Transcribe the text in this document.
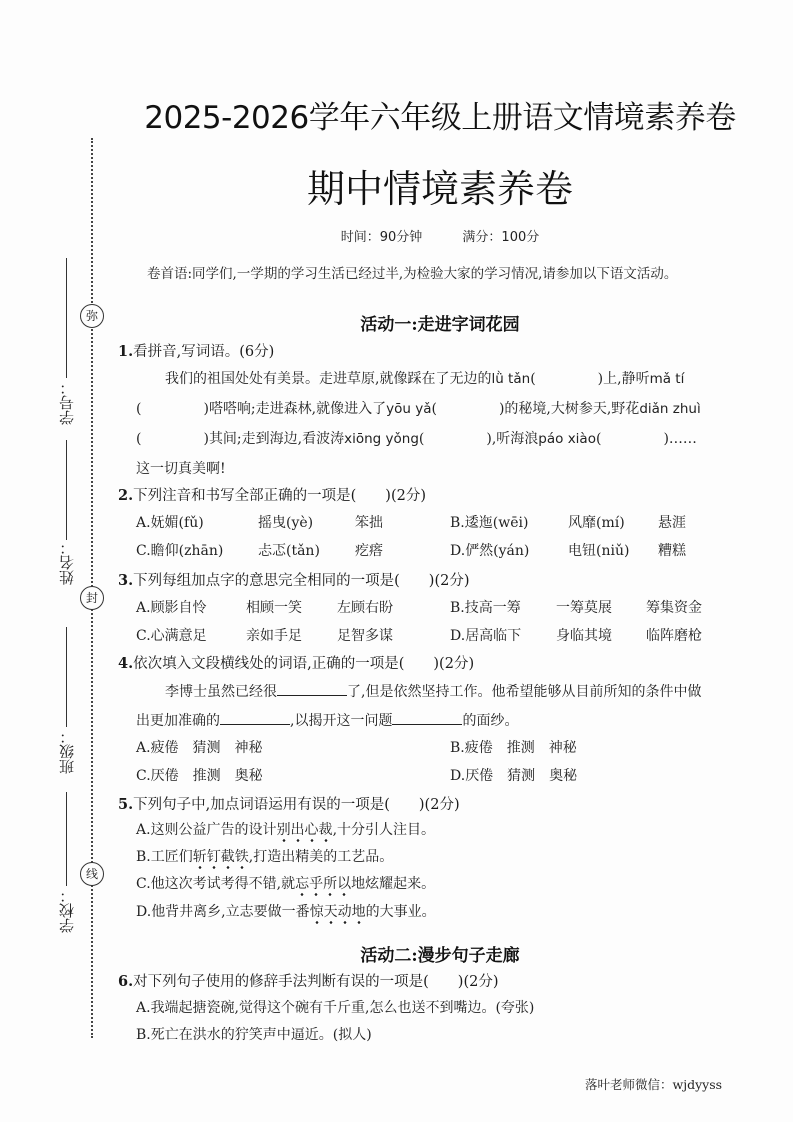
弥
封
线
学号：
姓名：
班级：
学校：
2025-2026学年六年级上册语文情境素养卷
期中情境素养卷
时间：90分钟	满分：100分
卷首语:同学们,一学期的学习生活已经过半,为检验大家的学习情况,请参加以下语文活动。
活动一:走进字词花园
1.看拼音,写词语。(6分)
我们的祖国处处有美景。走进草原,就像踩在了无边的lǜ tǎn(	)上,静听mǎ tí
(	)嗒嗒响;走进森林,就像进入了yōu yǎ(	)的秘境,大树参天,野花diǎn zhuì
(	)其间;走到海边,看波涛xiōng yǒng(	),听海浪páo xiào(	)……
这一切真美啊!
2.下列注音和书写全部正确的一项是(　　)(2分)
A.妩媚(fǔ)	摇曳(yè)	笨拙	B.逶迤(wēi)	风靡(mí) 悬涯
C.瞻仰(zhān) 忐忑(tǎn)	疙瘩	D.俨然(yán)	电钮(niǔ) 糟糕
3.下列每组加点字的意思完全相同的一项是(　　)(2分)
A.顾影自怜	相顾一笑	左顾右盼	B.技高一筹	一筹莫展 筹集资金
C.心满意足	亲如手足	足智多谋	D.居高临下 身临其境 临阵磨枪
4.依次填入文段横线处的词语,正确的一项是(　　)(2分)
李博士虽然已经很	了,但是依然坚持工作。他希望能够从目前所知的条件中做
出更加准确的	,以揭开这一问题	的面纱。
A.疲倦　猜测　神秘	B.疲倦　推测　神秘
C.厌倦　推测　奥秘	D.厌倦　猜测　奥秘
5.下列句子中,加点词语运用有误的一项是(　　)(2分)
A.这则公益广告的设计别出心裁,十分引人注目。
B.工匠们斩钉截铁,打造出精美的工艺品。
C.他这次考试考得不错,就忘乎所以地炫耀起来。
D.他背井离乡,立志要做一番惊天动地的大事业。
活动二:漫步句子走廊
6.对下列句子使用的修辞手法判断有误的一项是(　　)(2分)
A.我端起搪瓷碗,觉得这个碗有千斤重,怎么也送不到嘴边。(夸张)
B.死亡在洪水的狞笑声中逼近。(拟人)
落叶老师微信：wjdyyss
